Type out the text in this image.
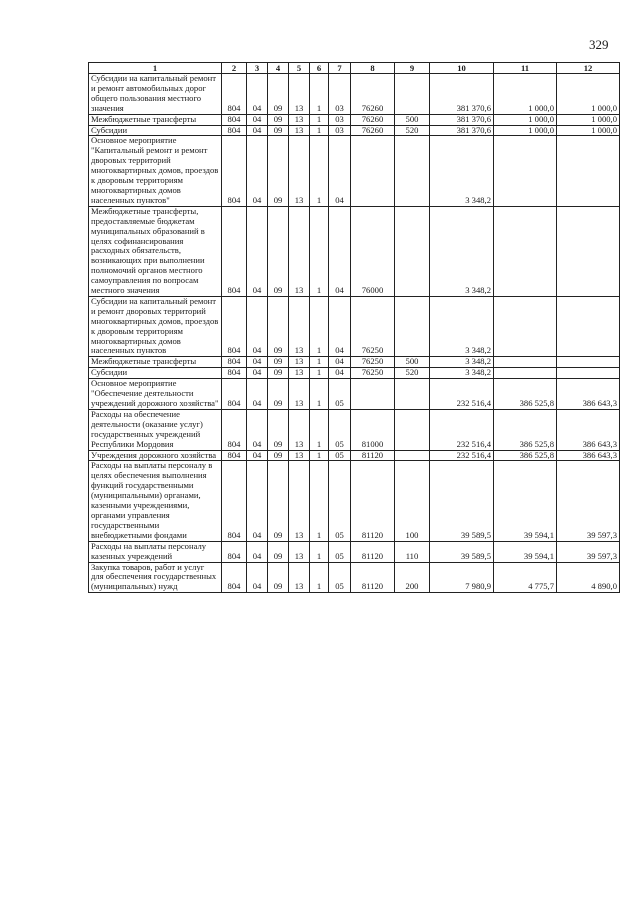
329
1	2	3	4	5	6	7	8	9	10	11	12
Субсидии на капитальный ремонт и ремонт автомобильных дорог общего пользования местного значения	804	04	09	13	1	03	76260		381 370,6	1 000,0	1 000,0
Межбюджетные трансферты	804	04	09	13	1	03	76260	500	381 370,6	1 000,0	1 000,0
Субсидии	804	04	09	13	1	03	76260	520	381 370,6	1 000,0	1 000,0
Основное мероприятие "Капитальный ремонт и ремонт дворовых территорий многоквартирных домов, проездов к дворовым территориям многоквартирных домов населенных пунктов"	804	04	09	13	1	04			3 348,2		
Межбюджетные трансферты, предоставляемые бюджетам муниципальных образований в целях софинансирования расходных обязательств, возникающих при выполнении полномочий органов местного самоуправления по вопросам местного значения	804	04	09	13	1	04	76000		3 348,2		
Субсидии на капитальный ремонт и ремонт дворовых территорий многоквартирных домов, проездов к дворовым территориям многоквартирных домов населенных пунктов	804	04	09	13	1	04	76250		3 348,2		
Межбюджетные трансферты	804	04	09	13	1	04	76250	500	3 348,2		
Субсидии	804	04	09	13	1	04	76250	520	3 348,2		
Основное мероприятие "Обеспечение деятельности учреждений дорожного хозяйства"	804	04	09	13	1	05			232 516,4	386 525,8	386 643,3
Расходы на обеспечение деятельности (оказание услуг) государственных учреждений Республики Мордовия	804	04	09	13	1	05	81000		232 516,4	386 525,8	386 643,3
Учреждения дорожного хозяйства	804	04	09	13	1	05	81120		232 516,4	386 525,8	386 643,3
Расходы на выплаты персоналу в целях обеспечения выполнения функций государственными (муниципальными) органами, казенными учреждениями, органами управления государственными внебюджетными фондами	804	04	09	13	1	05	81120	100	39 589,5	39 594,1	39 597,3
Расходы на выплаты персоналу казенных учреждений	804	04	09	13	1	05	81120	110	39 589,5	39 594,1	39 597,3
Закупка товаров, работ и услуг для обеспечения государственных (муниципальных) нужд	804	04	09	13	1	05	81120	200	7 980,9	4 775,7	4 890,0
